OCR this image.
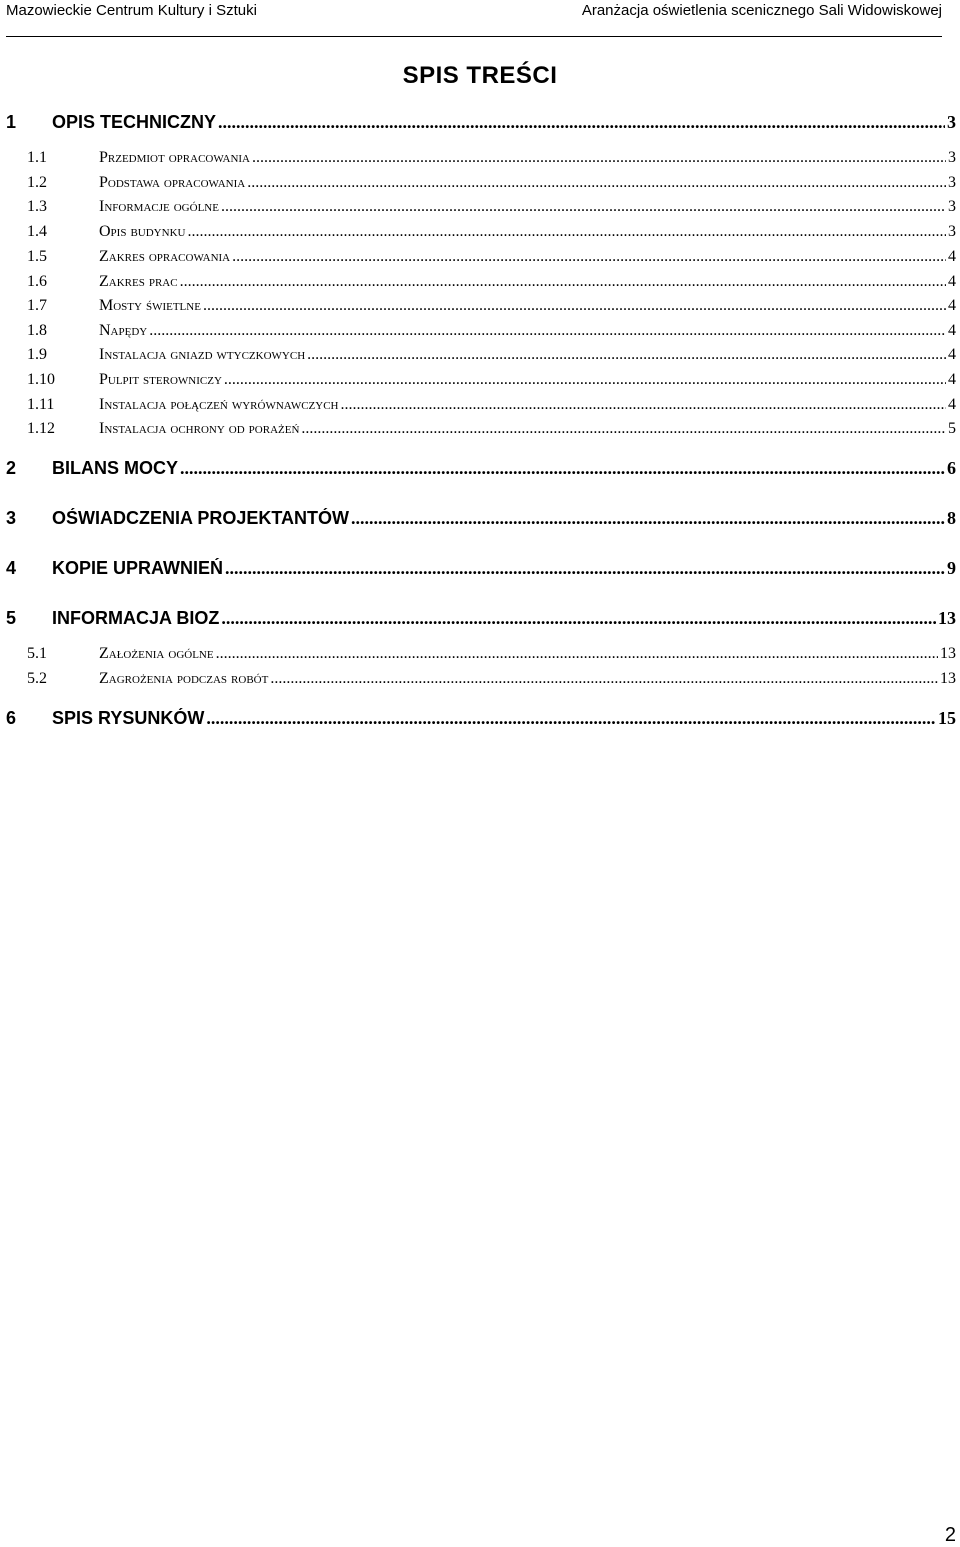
Mazowieckie Centrum Kultury i Sztuki	Aranżacja oświetlenia scenicznego Sali Widowiskowej
SPIS TREŚCI
1	OPIS TECHNICZNY .....	3
1.1	Przedmiot opracowania .....	3
1.2	Podstawa opracowania .....	3
1.3	Informacje ogólne .....	3
1.4	Opis budynku .....	3
1.5	Zakres opracowania .....	4
1.6	Zakres prac .....	4
1.7	Mosty świetlne .....	4
1.8	Napędy .....	4
1.9	Instalacja gniazd wtyczkowych .....	4
1.10	Pulpit sterowniczy .....	4
1.11	Instalacja połączeń wyrównawczych .....	4
1.12	Instalacja ochrony od porażeń .....	5
2	BILANS MOCY .....	6
3	OŚWIADCZENIA PROJEKTANTÓW .....	8
4	KOPIE UPRAWNIEŃ .....	9
5	INFORMACJA BIOZ .....	13
5.1	Założenia ogólne .....	13
5.2	Zagrożenia podczas robót .....	13
6	SPIS RYSUNKÓW .....	15
2
